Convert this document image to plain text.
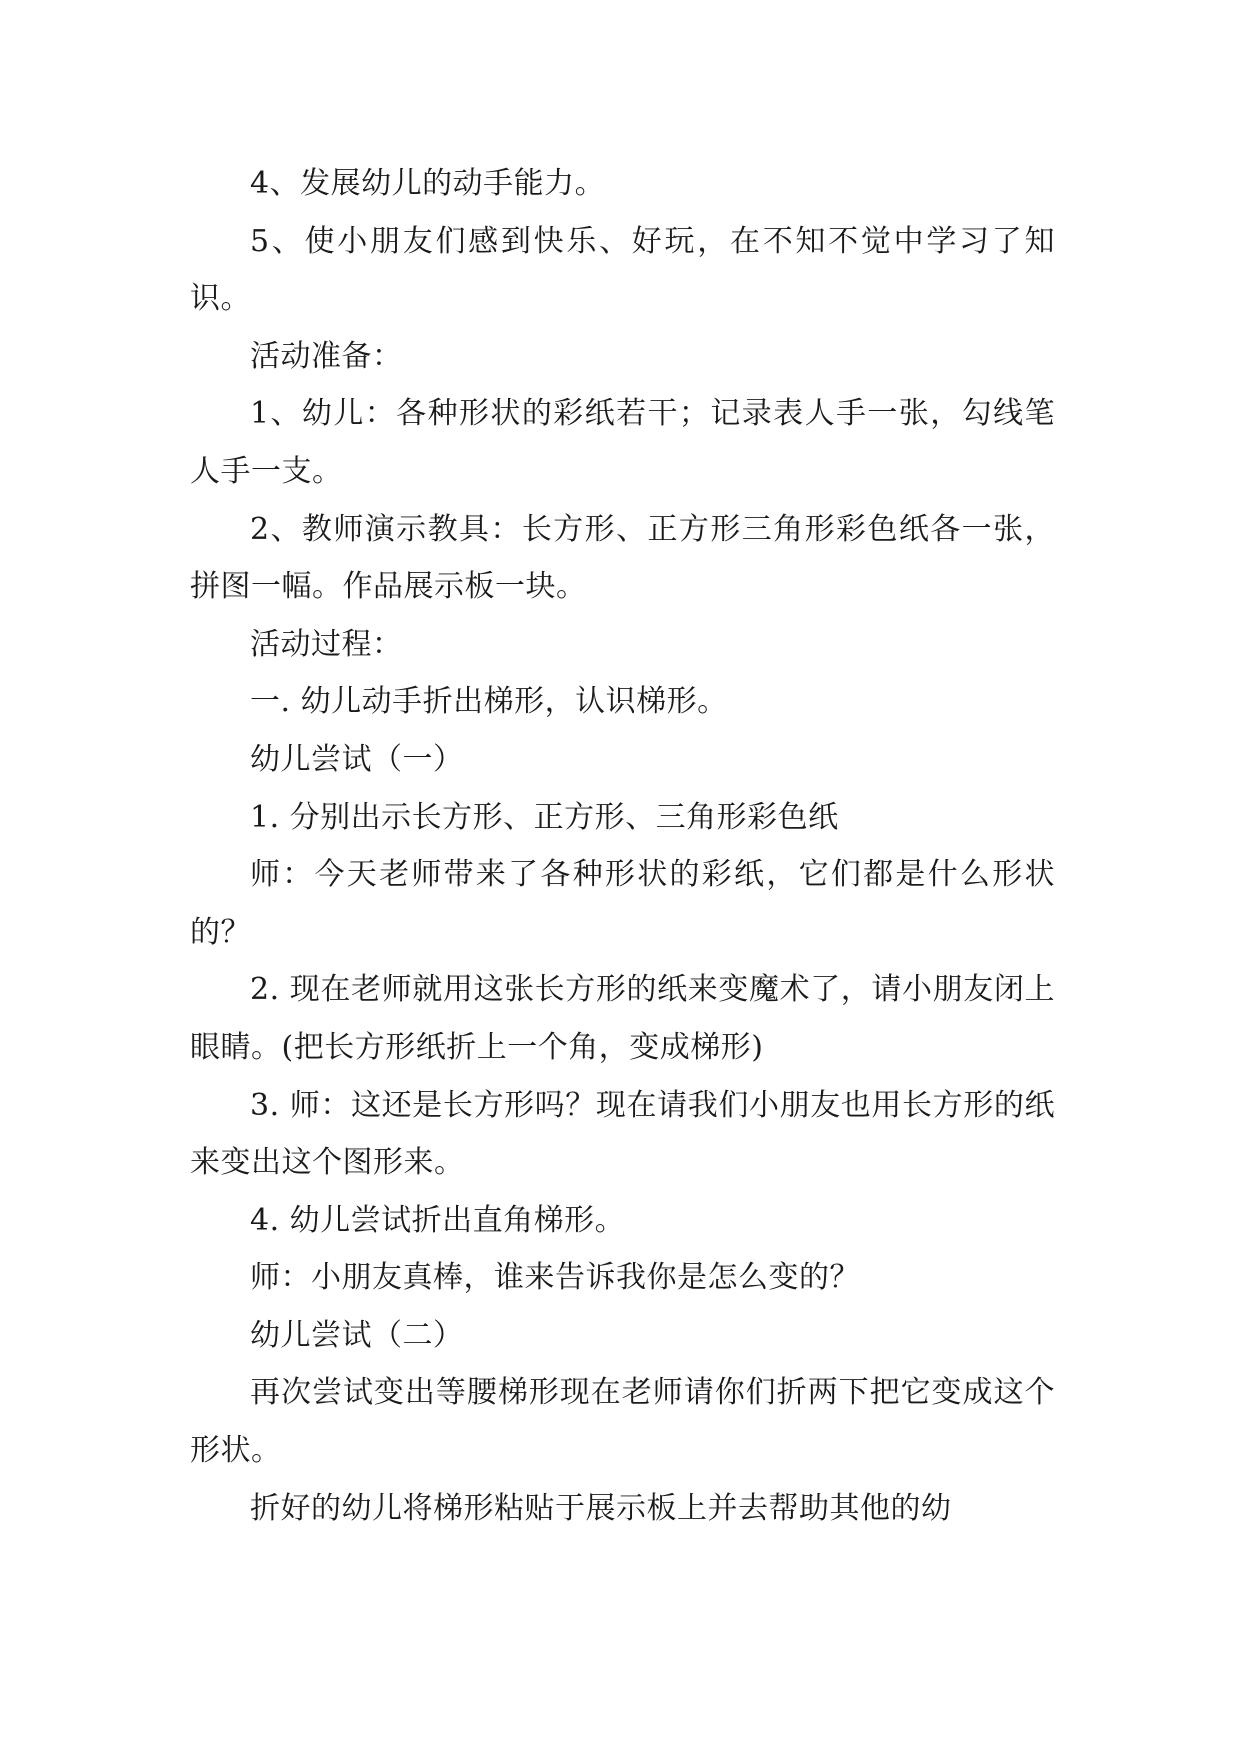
4、发展幼儿的动手能力。

5、使小朋友们感到快乐、好玩，在不知不觉中学习了知识。

活动准备：

1、幼儿：各种形状的彩纸若干；记录表人手一张，勾线笔人手一支。

2、教师演示教具：长方形、正方形三角形彩色纸各一张，拼图一幅。作品展示板一块。

活动过程：

一. 幼儿动手折出梯形，认识梯形。

幼儿尝试（一）

1. 分别出示长方形、正方形、三角形彩色纸

师：今天老师带来了各种形状的彩纸，它们都是什么形状的？

2. 现在老师就用这张长方形的纸来变魔术了，请小朋友闭上眼睛。(把长方形纸折上一个角，变成梯形)

3. 师：这还是长方形吗？现在请我们小朋友也用长方形的纸来变出这个图形来。

4. 幼儿尝试折出直角梯形。

师：小朋友真棒，谁来告诉我你是怎么变的？

幼儿尝试（二）

再次尝试变出等腰梯形现在老师请你们折两下把它变成这个形状。

折好的幼儿将梯形粘贴于展示板上并去帮助其他的幼
